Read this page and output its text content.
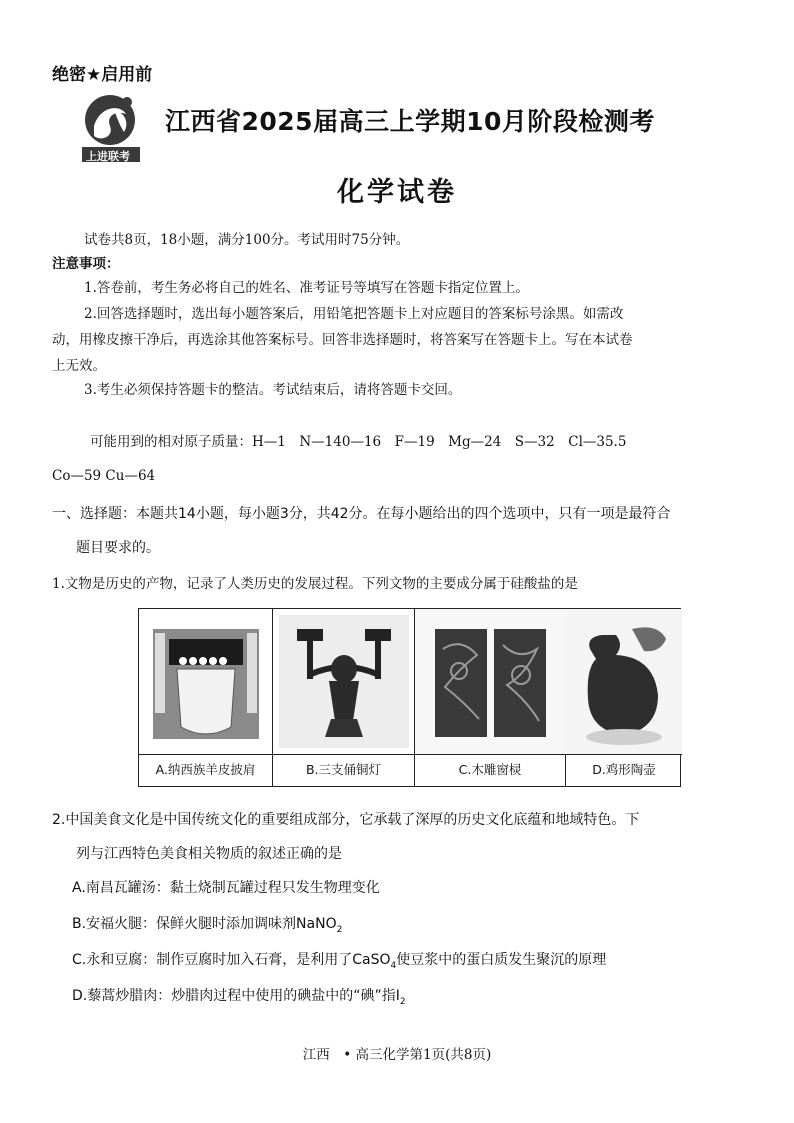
绝密★启用前
上进联考
江西省2025届高三上学期10月阶段检测考
化学试卷
试卷共8页，18小题，满分100分。考试用时75分钟。
注意事项：
1.答卷前，考生务必将自己的姓名、准考证号等填写在答题卡指定位置上。
2.回答选择题时，选出每小题答案后，用铅笔把答题卡上对应题目的答案标号涂黑。如需改
动，用橡皮擦干净后，再选涂其他答案标号。回答非选择题时，将答案写在答题卡上。写在本试卷
上无效。
3.考生必须保持答题卡的整洁。考试结束后，请将答题卡交回。
可能用到的相对原子质量：H—1　N—140—16　F—19　Mg—24　S—32　Cl—35.5
Co—59 Cu—64
一、选择题：本题共14小题，每小题3分，共42分。在每小题给出的四个选项中，只有一项是最符合
题目要求的。
1.文物是历史的产物，记录了人类历史的发展过程。下列文物的主要成分属于硅酸盐的是
A.纳西族羊皮披肩	B.三支俑铜灯	C.木雕窗棂	D.鸡形陶壶
2.中国美食文化是中国传统文化的重要组成部分，它承载了深厚的历史文化底蕴和地域特色。下
列与江西特色美食相关物质的叙述正确的是
A.南昌瓦罐汤：黏土烧制瓦罐过程只发生物理变化
B.安福火腿：保鲜火腿时添加调味剂NaNO$_2$
C.永和豆腐：制作豆腐时加入石膏，是利用了CaSO$_4$使豆浆中的蛋白质发生聚沉的原理
D.藜蒿炒腊肉：炒腊肉过程中使用的碘盐中的“碘”指$I_2$
江西　• 高三化学第1页(共8页)
